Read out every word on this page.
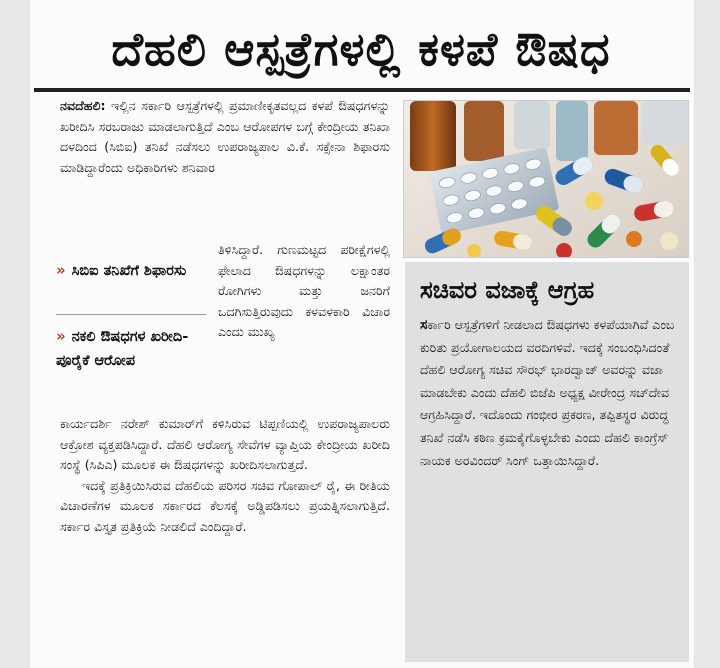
ದೆಹಲಿ ಆಸ್ಪತ್ರೆಗಳಲ್ಲಿ ಕಳಪೆ ಔಷಧ
ನವದೆಹಲಿ: ಇಲ್ಲಿನ ಸರ್ಕಾರಿ ಆಸ್ಪತ್ರೆಗಳಲ್ಲಿ ಪ್ರಮಾಣೀಕೃತವಲ್ಲದ ಕಳಪೆ ಔಷಧಗಳನ್ನು ಖರೀದಿಸಿ ಸರಬರಾಜು ಮಾಡಲಾಗುತ್ತಿದೆ ಎಂಬ ಆರೋಪಗಳ ಬಗ್ಗೆ ಕೇಂದ್ರೀಯ ತನಿಖಾ ದಳದಿಂದ (ಸಿಬಿಐ) ತನಿಖೆ ನಡೆಸಲು ಉಪರಾಜ್ಯಪಾಲ ವಿ.ಕೆ. ಸಕ್ಸೇನಾ ಶಿಫಾರಸು ಮಾಡಿದ್ದಾರೆಂದು ಅಧಿಕಾರಿಗಳು ಶನಿವಾರ
» ಸಿಬಿಐ ತನಿಖೆಗೆ ಶಿಫಾರಸು
» ನಕಲಿ ಔಷಧಗಳ ಖರೀದಿ-ಪೂರೈಕೆ ಆರೋಪ
ತಿಳಿಸಿದ್ದಾರೆ. ಗುಣಮಟ್ಟದ ಪರೀಕ್ಷೆಗಳಲ್ಲಿ ಫೇಲಾದ ಔಷಧಗಳನ್ನು ಲಕ್ಷಾಂತರ ರೋಗಿಗಳು ಮತ್ತು ಜನರಿಗೆ ಒದಗಿಸುತ್ತಿರುವುದು ಕಳವಳಕಾರಿ ವಿಚಾರ ಎಂದು ಮುಖ್ಯ
ಕಾರ್ಯದರ್ಶಿ ನರೇಶ್ ಕುಮಾರ್‌ಗೆ ಕಳಿಸಿರುವ ಟಿಪ್ಪಣಿಯಲ್ಲಿ ಉಪರಾಜ್ಯಪಾಲರು ಆಕ್ರೋಶ ವ್ಯಕ್ತಪಡಿಸಿದ್ದಾರೆ. ದೆಹಲಿ ಆರೋಗ್ಯ ಸೇವೆಗಳ ವ್ಯಾಪ್ತಿಯ ಕೇಂದ್ರೀಯ ಖರೀದಿ ಸಂಸ್ಥೆ (ಸಿಪಿಎ) ಮೂಲಕ ಈ ಔಷಧಗಳನ್ನು ಖರೀದಿಸಲಾಗುತ್ತದೆ.
ಇದಕ್ಕೆ ಪ್ರತಿಕ್ರಿಯಿಸಿರುವ ದೆಹಲಿಯ ಪರಿಸರ ಸಚಿವ ಗೋಪಾಲ್ ರೈ, ಈ ರೀತಿಯ ವಿಚಾರಣೆಗಳ ಮೂಲಕ ಸರ್ಕಾರದ ಕೆಲಸಕ್ಕೆ ಅಡ್ಡಿಪಡಿಸಲು ಪ್ರಯತ್ನಿಸಲಾಗುತ್ತಿದೆ. ಸರ್ಕಾರ ವಿಸ್ತೃತ ಪ್ರತಿಕ್ರಿಯೆ ನೀಡಲಿದೆ ಎಂದಿದ್ದಾರೆ.
ಸಚಿವರ ವಜಾಕ್ಕೆ ಆಗ್ರಹ
ಸರ್ಕಾರಿ ಆಸ್ಪತ್ರೆಗಳಿಗೆ ನೀಡಲಾದ ಔಷಧಗಳು ಕಳಪೆಯಾಗಿವೆ ಎಂಬ ಕುರಿತು ಪ್ರಯೋಗಾಲಯದ ವರದಿಗಳಿವೆ. ಇದಕ್ಕೆ ಸಂಬಂಧಿಸಿದಂತೆ ದೆಹಲಿ ಆರೋಗ್ಯ ಸಚಿವ ಸೌರಭ್ ಭಾರದ್ವಾಜ್ ಅವರನ್ನು ವಜಾ ಮಾಡಬೇಕು ಎಂದು ದೆಹಲಿ ಬಿಜೆಪಿ ಅಧ್ಯಕ್ಷ ವೀರೇಂದ್ರ ಸಚ್‌ದೇವ ಆಗ್ರಹಿಸಿದ್ದಾರೆ. ಇದೊಂದು ಗಂಭೀರ ಪ್ರಕರಣ, ತಪ್ಪಿತಸ್ಥರ ವಿರುದ್ಧ ತನಿಖೆ ನಡೆಸಿ ಕಠಿಣ ಕ್ರಮಕೈಗೊಳ್ಳಬೇಕು ಎಂದು ದೆಹಲಿ ಕಾಂಗ್ರೆಸ್ ನಾಯಕ ಅರವಿಂದರ್ ಸಿಂಗ್ ಒತ್ತಾಯಿಸಿದ್ದಾರೆ.
